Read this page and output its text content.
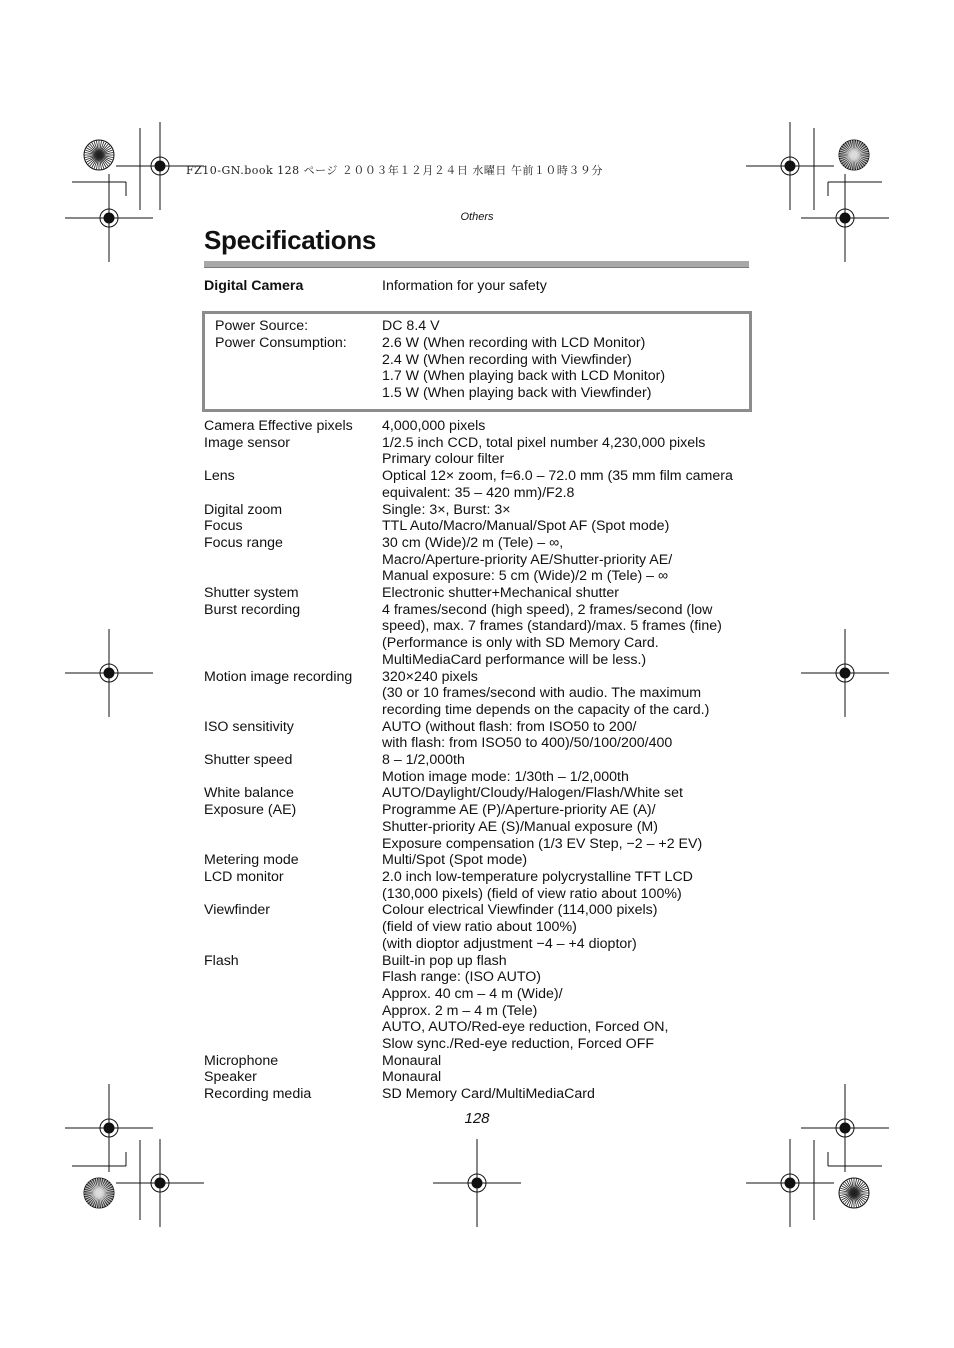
FZ10-GN.book 128 ページ ２００３年１２月２４日 水曜日 午前１０時３９分
Others
Specifications
Digital Camera	Information for your safety
Power Source:	DC 8.4 V
Power Consumption: 2.6 W (When recording with LCD Monitor)
2.4 W (When recording with Viewfinder)
1.7 W (When playing back with LCD Monitor)
1.5 W (When playing back with Viewfinder)
Camera Effective pixels	4,000,000 pixels
Image sensor	1/2.5 inch CCD, total pixel number 4,230,000 pixels
Primary colour filter
Lens	Optical 12× zoom, f=6.0 – 72.0 mm (35 mm film camera
equivalent: 35 – 420 mm)/F2.8
Digital zoom	Single: 3×, Burst: 3×
Focus	TTL Auto/Macro/Manual/Spot AF (Spot mode)
Focus range	30 cm (Wide)/2 m (Tele) – ∞,
Macro/Aperture-priority AE/Shutter-priority AE/
Manual exposure: 5 cm (Wide)/2 m (Tele) – ∞
Shutter system	Electronic shutter+Mechanical shutter
Burst recording	4 frames/second (high speed), 2 frames/second (low
speed), max. 7 frames (standard)/max. 5 frames (fine)
(Performance is only with SD Memory Card.
MultiMediaCard performance will be less.)
Motion image recording	320×240 pixels
(30 or 10 frames/second with audio. The maximum
recording time depends on the capacity of the card.)
ISO sensitivity	AUTO (without flash: from ISO50 to 200/
with flash: from ISO50 to 400)/50/100/200/400
Shutter speed	8 – 1/2,000th
Motion image mode: 1/30th – 1/2,000th
White balance	AUTO/Daylight/Cloudy/Halogen/Flash/White set
Exposure (AE)	Programme AE (P)/Aperture-priority AE (A)/
Shutter-priority AE (S)/Manual exposure (M)
Exposure compensation (1/3 EV Step, −2 – +2 EV)
Metering mode	Multi/Spot (Spot mode)
LCD monitor	2.0 inch low-temperature polycrystalline TFT LCD
(130,000 pixels) (field of view ratio about 100%)
Viewfinder	Colour electrical Viewfinder (114,000 pixels)
(field of view ratio about 100%)
(with dioptor adjustment −4 – +4 dioptor)
Flash	Built-in pop up flash
Flash range: (ISO AUTO)
Approx. 40 cm – 4 m (Wide)/
Approx. 2 m – 4 m (Tele)
AUTO, AUTO/Red-eye reduction, Forced ON,
Slow sync./Red-eye reduction, Forced OFF
Microphone	Monaural
Speaker	Monaural
Recording media	SD Memory Card/MultiMediaCard
128
